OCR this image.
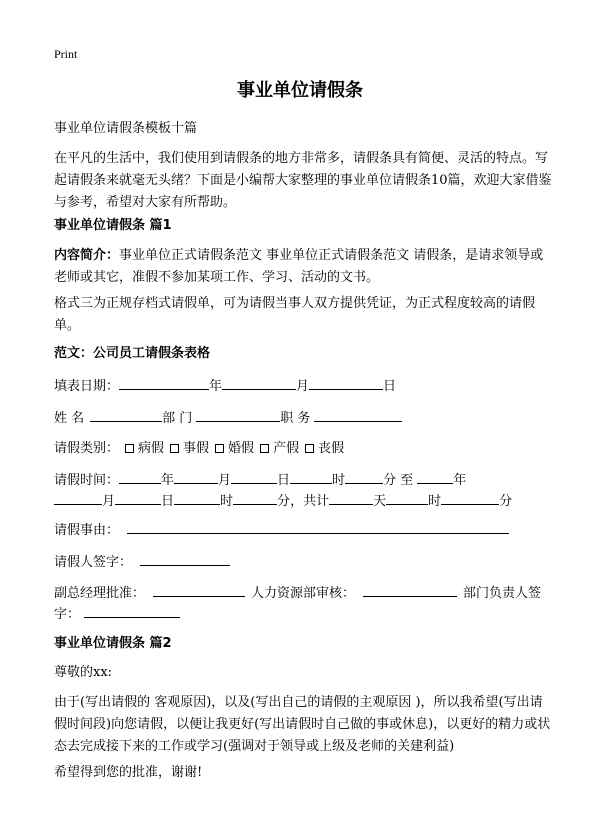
Print
事业单位请假条

事业单位请假条模板十篇

在平凡的生活中，我们使用到请假条的地方非常多，请假条具有简便、灵活的特点。写起请假条来就毫无头绪？下面是小编帮大家整理的事业单位请假条10篇，欢迎大家借鉴与参考，希望对大家有所帮助。

事业单位请假条 篇1

内容简介：事业单位正式请假条范文 事业单位正式请假条范文 请假条，是请求领导或老师或其它，准假不参加某项工作、学习、活动的文书。

格式三为正规存档式请假单，可为请假当事人双方提供凭证，为正式程度较高的请假单。

范文：公司员工请假条表格

填表日期：	年	月	日
姓 名	部 门	职 务
请假类别： 病假 事假 婚假 产假 丧假
请假时间：	年	月	日	时	分 至	年
月	日	时	分，共计	天	时	分
请假事由：
请假人签字：
副总经理批准：	人力资源部审核：	部门负责人签
字：

事业单位请假条 篇2

尊敬的xx:

由于(写出请假的 客观原因)，以及(写出自己的请假的主观原因 )，所以我希望(写出请假时间段)向您请假，以便让我更好(写出请假时自己做的事或休息)，以更好的精力或状态去完成接下来的工作或学习(强调对于领导或上级及老师的关建利益)

希望得到您的批准，谢谢!
